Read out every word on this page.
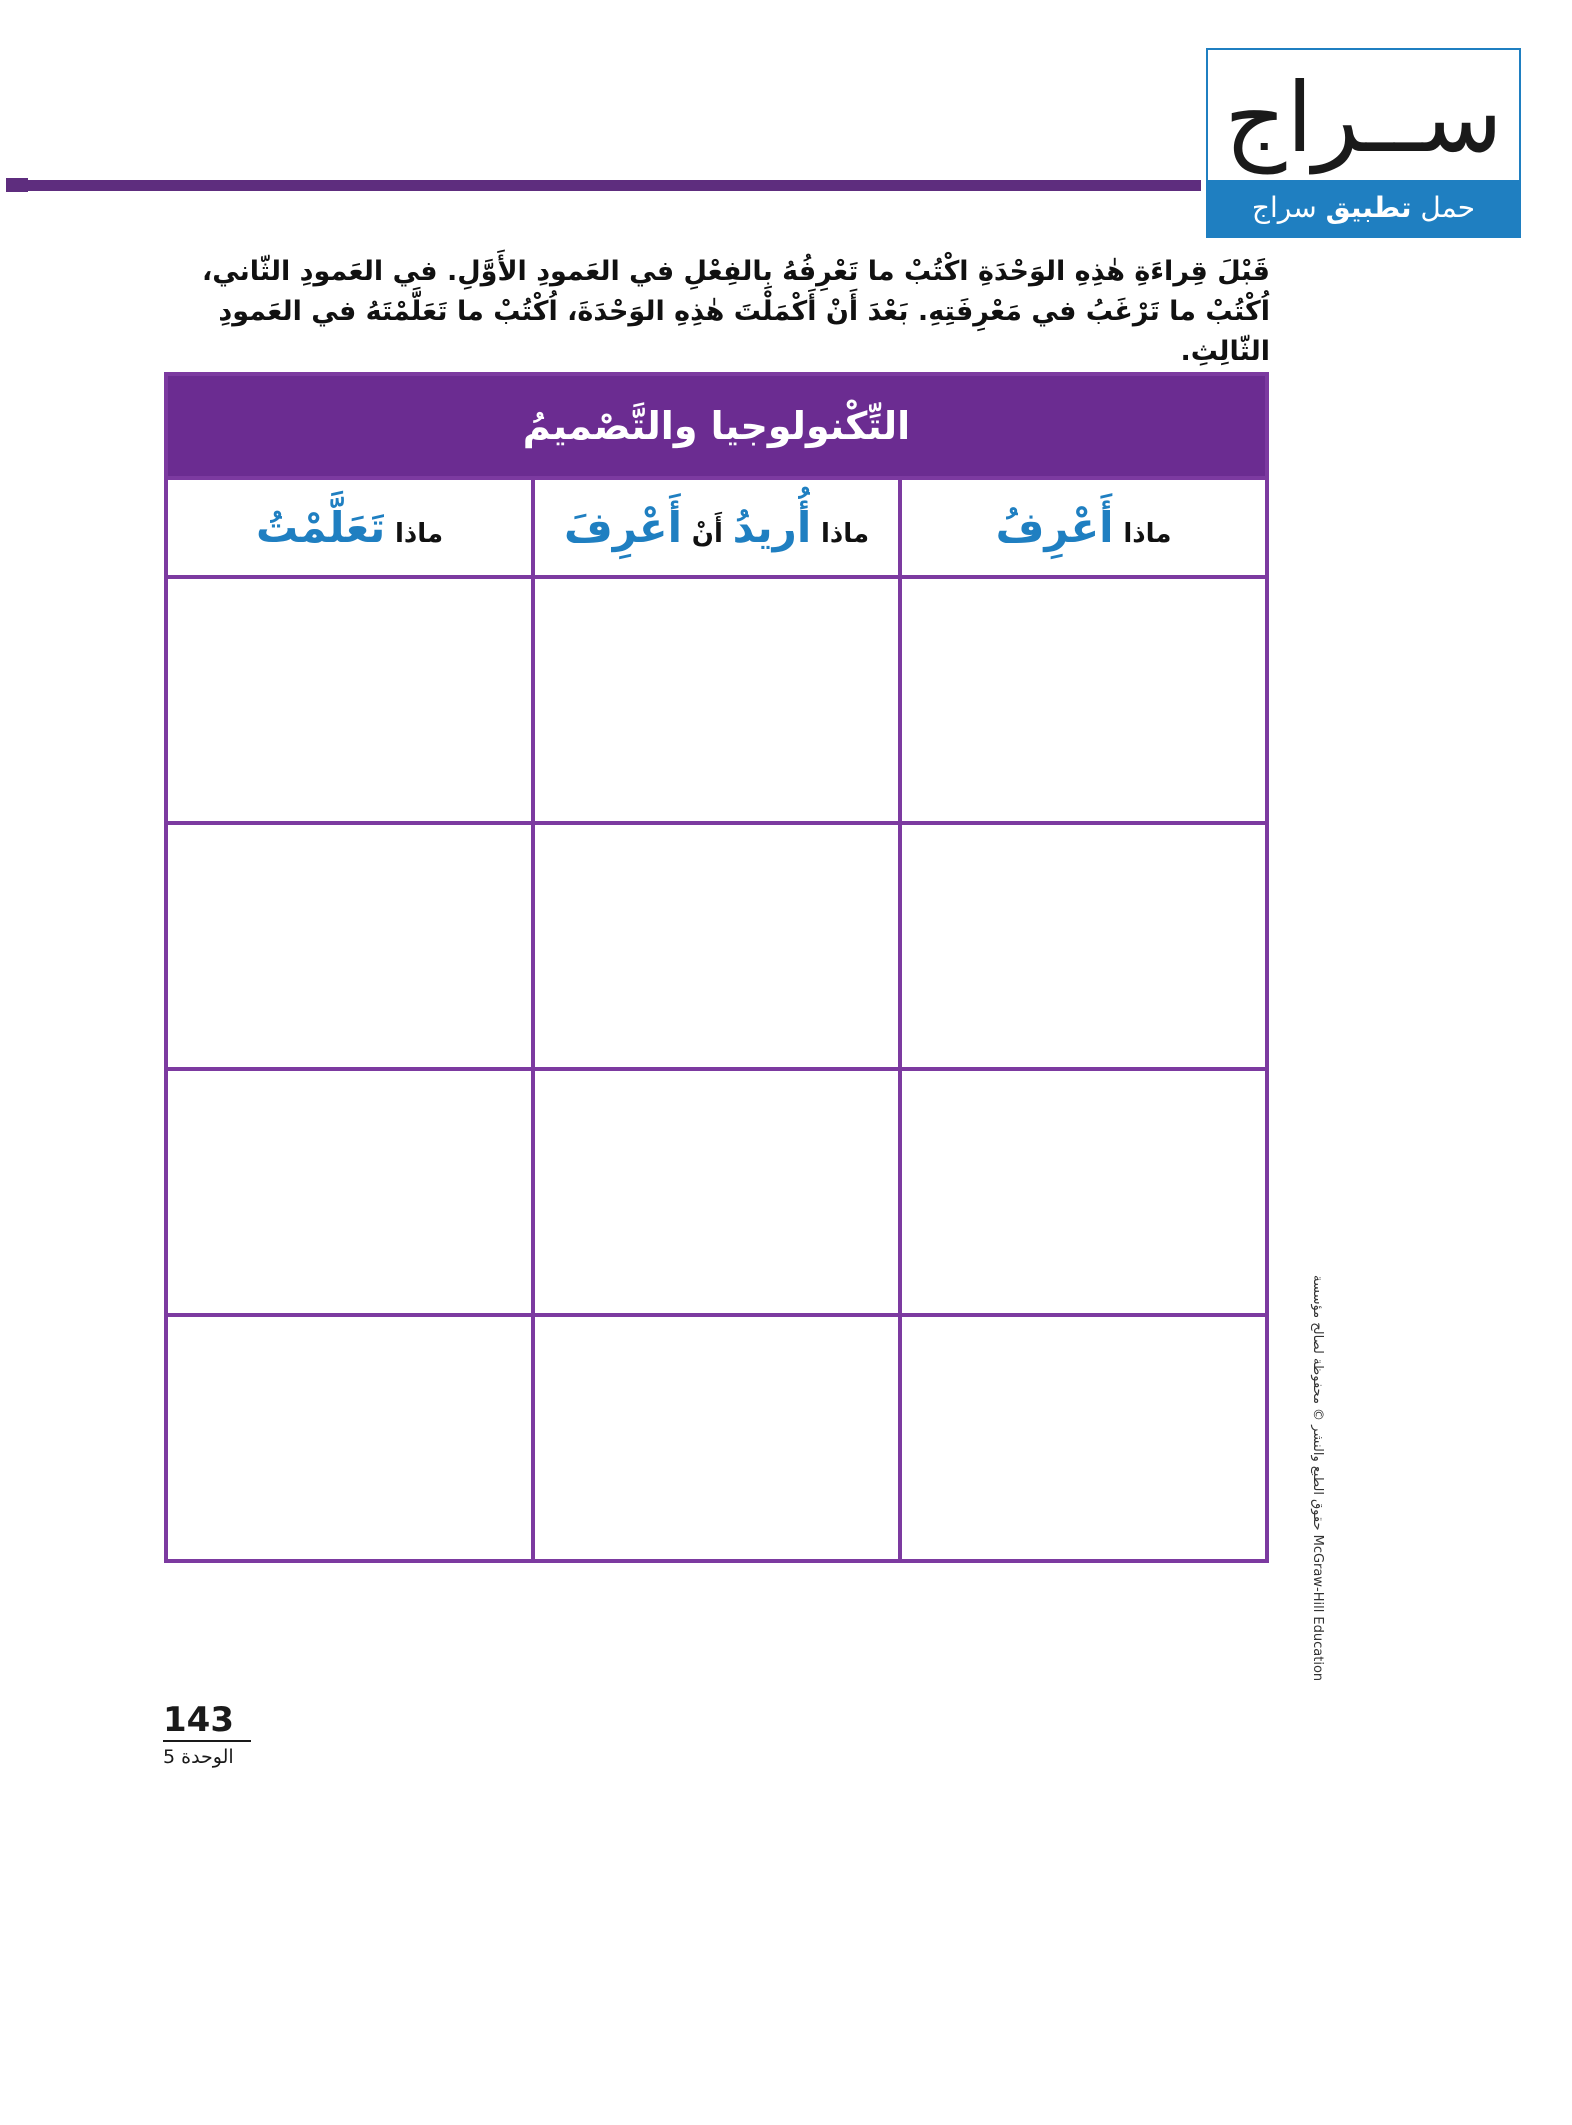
ســراج
حمل تطبيق سراج
قَبْلَ قِراءَةِ هٰذِهِ الوَحْدَةِ اكْتُبْ ما تَعْرِفُهُ بِالفِعْلِ في العَمودِ الأَوَّلِ. في العَمودِ الثّاني، اُكْتُبْ ما تَرْغَبُ في مَعْرِفَتِهِ. بَعْدَ أَنْ أَكْمَلْتَ هٰذِهِ الوَحْدَةَ، اُكْتُبْ ما تَعَلَّمْتَهُ في العَمودِ الثّالِثِ.
التِّكْنولوجيا والتَّصْميمُ		
ماذا أَعْرِفُ	ماذا أُريدُ أَنْ أَعْرِفَ	ماذا تَعَلَّمْتُ

حقوق الطبع والنشر © محفوظة لصالح مؤسسة McGraw-Hill Education
143
الوحدة 5
